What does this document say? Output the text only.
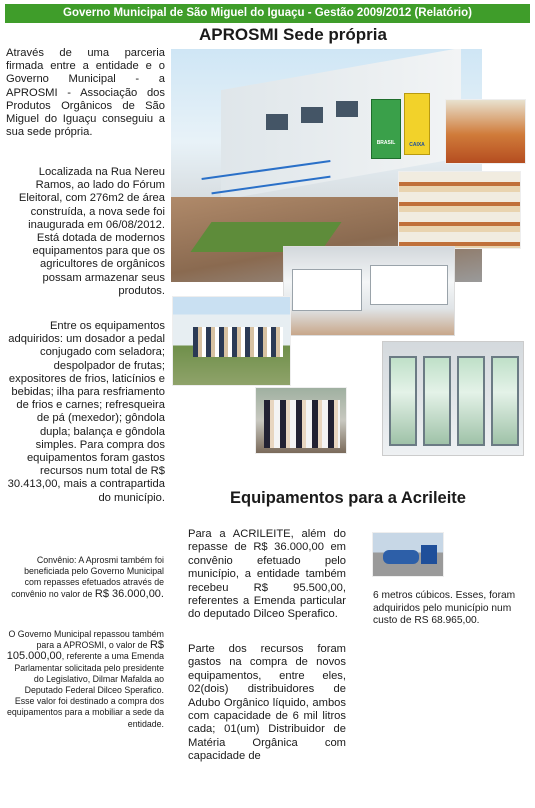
Governo Municipal de São Miguel do Iguaçu - Gestão 2009/2012 (Relatório)
APROSMI Sede própria
Através de uma parceria firmada entre a entidade e o Governo Municipal - a APROSMI - Associação dos Produtos Orgânicos de São Miguel do Iguaçu conseguiu a sua sede própria.
Localizada na Rua Nereu Ramos, ao lado do Fórum Eleitoral, com 276m2 de área construída, a nova sede foi inaugurada em 06/08/2012. Está dotada de modernos equipamentos para que os agricultores de orgânicos possam armazenar seus produtos.
Entre os equipamentos adquiridos: um dosador a pedal conjugado com seladora; despolpador de frutas; expositores de frios, laticínios e bebidas; ilha para resfriamento de frios e carnes; refresqueira de pá (mexedor); gôndola dupla; balança e gôndola simples. Para compra dos equipamentos foram gastos recursos num total de R$ 30.413,00, mais a contrapartida do município.
Convênio: A Aprosmi também foi beneficiada pelo Governo Municipal com repasses efetuados através de convênio no valor de R$ 36.000,00.
O Governo Municipal repassou também para a APROSMI, o valor de R$ 105.000,00, referente a uma Emenda Parlamentar solicitada pelo presidente do Legislativo, Dilmar Mafalda ao Deputado Federal Dilceo Sperafico. Esse valor foi destinado a compra dos equipamentos para a mobiliar a sede da entidade.
BRASIL	CAIXA
Equipamentos para a Acrileite
Para a ACRILEITE, além do repasse de R$ 36.000,00 em convênio efetuado pelo município, a entidade também recebeu R$ 95.500,00, referentes a Emenda particular do deputado Dilceo Sperafico.
Parte dos recursos foram gastos na compra de novos equipamentos, entre eles, 02(dois) distribuidores de Adubo Orgânico líquido, ambos com capacidade de 6 mil litros cada; 01(um) Distribuidor de Matéria Orgânica com capacidade de
6 metros cúbicos. Esses, foram adquiridos pelo município num custo de RS 68.965,00.
